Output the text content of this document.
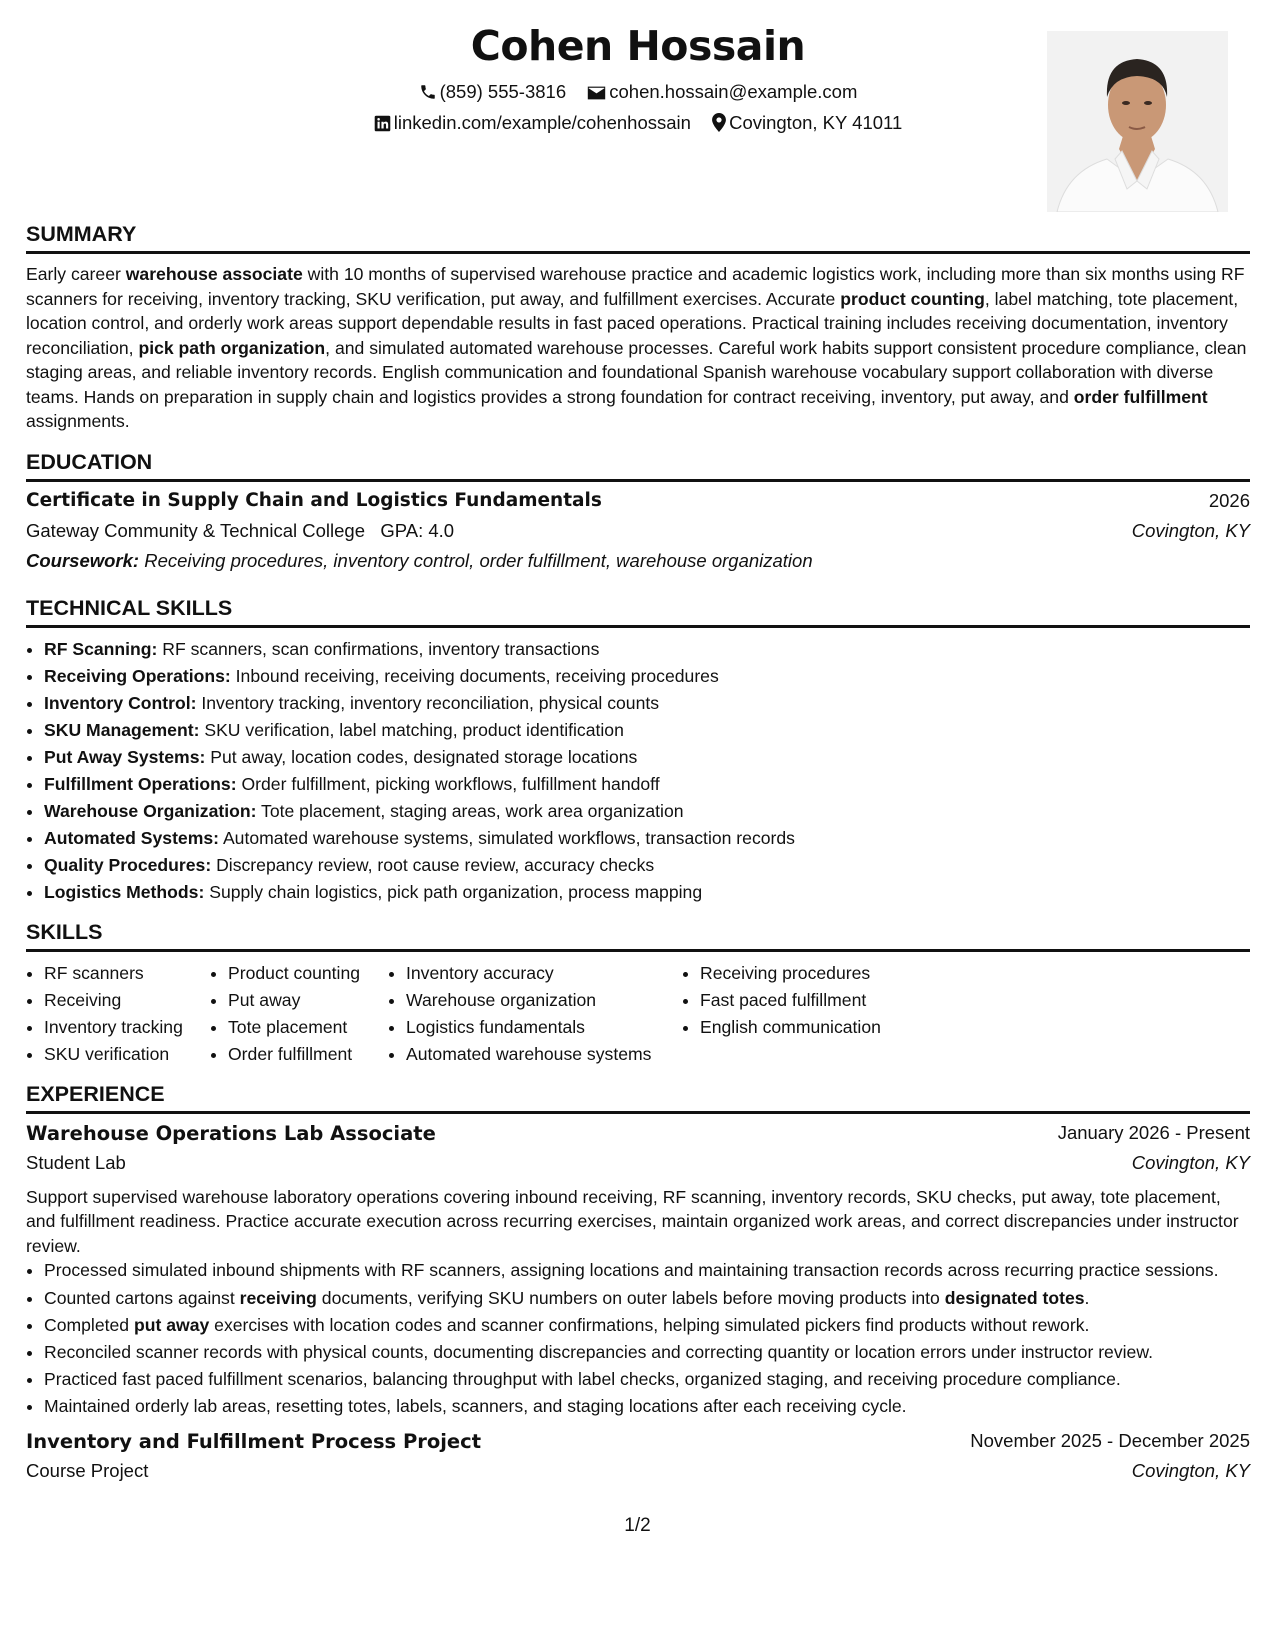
Cohen Hossain
(859) 555-3816 cohen.hossain@example.com
linkedin.com/example/cohenhossain Covington, KY 41011
SUMMARY
Early career warehouse associate with 10 months of supervised warehouse practice and academic logistics work, including more than six months using RF scanners for receiving, inventory tracking, SKU verification, put away, and fulfillment exercises. Accurate product counting, label matching, tote placement, location control, and orderly work areas support dependable results in fast paced operations. Practical training includes receiving documentation, inventory reconciliation, pick path organization, and simulated automated warehouse processes. Careful work habits support consistent procedure compliance, clean staging areas, and reliable inventory records. English communication and foundational Spanish warehouse vocabulary support collaboration with diverse teams. Hands on preparation in supply chain and logistics provides a strong foundation for contract receiving, inventory, put away, and order fulfillment assignments.
EDUCATION
Certificate in Supply Chain and Logistics Fundamentals	2026
Gateway Community & Technical College GPA: 4.0	Covington, KY
Coursework: Receiving procedures, inventory control, order fulfillment, warehouse organization
TECHNICAL SKILLS
• RF Scanning: RF scanners, scan confirmations, inventory transactions
• Receiving Operations: Inbound receiving, receiving documents, receiving procedures
• Inventory Control: Inventory tracking, inventory reconciliation, physical counts
• SKU Management: SKU verification, label matching, product identification
• Put Away Systems: Put away, location codes, designated storage locations
• Fulfillment Operations: Order fulfillment, picking workflows, fulfillment handoff
• Warehouse Organization: Tote placement, staging areas, work area organization
• Automated Systems: Automated warehouse systems, simulated workflows, transaction records
• Quality Procedures: Discrepancy review, root cause review, accuracy checks
• Logistics Methods: Supply chain logistics, pick path organization, process mapping
SKILLS
• RF scanners
• Receiving
• Inventory tracking
• SKU verification
• Product counting
• Put away
• Tote placement
• Order fulfillment
• Inventory accuracy
• Warehouse organization
• Logistics fundamentals
• Automated warehouse systems
• Receiving procedures
• Fast paced fulfillment
• English communication
EXPERIENCE
Warehouse Operations Lab Associate	January 2026 - Present
Student Lab	Covington, KY
Support supervised warehouse laboratory operations covering inbound receiving, RF scanning, inventory records, SKU checks, put away, tote placement, and fulfillment readiness. Practice accurate execution across recurring exercises, maintain organized work areas, and correct discrepancies under instructor review.
• Processed simulated inbound shipments with RF scanners, assigning locations and maintaining transaction records across recurring practice sessions.
• Counted cartons against receiving documents, verifying SKU numbers on outer labels before moving products into designated totes.
• Completed put away exercises with location codes and scanner confirmations, helping simulated pickers find products without rework.
• Reconciled scanner records with physical counts, documenting discrepancies and correcting quantity or location errors under instructor review.
• Practiced fast paced fulfillment scenarios, balancing throughput with label checks, organized staging, and receiving procedure compliance.
• Maintained orderly lab areas, resetting totes, labels, scanners, and staging locations after each receiving cycle.
Inventory and Fulfillment Process Project	November 2025 - December 2025
Course Project	Covington, KY
1/2
